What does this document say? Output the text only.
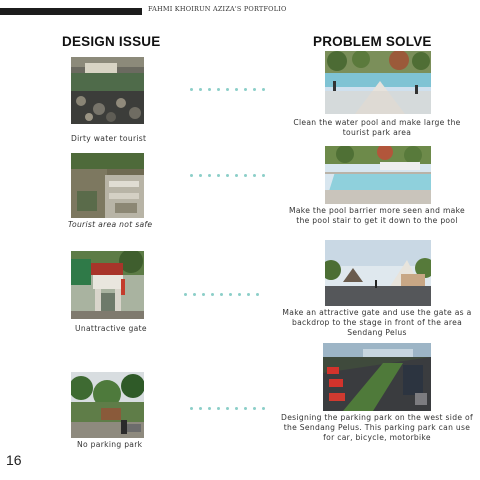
FAHMI KHOIRUN AZIZA'S PORTFOLIO
DESIGN ISSUE	PROBLEM SOLVE
Dirty water tourist
Clean the water pool and make large the tourist park area
Tourist area not safe
Make the pool barrier more seen and make the pool stair to get it down to the pool
Unattractive gate
Make an attractive gate and use the gate as a backdrop to the stage in front of the area Sendang Pelus
No parking park
Designing the parking park on the west side of the Sendang Pelus. This parking park can use for car, bicycle, motorbike
16
